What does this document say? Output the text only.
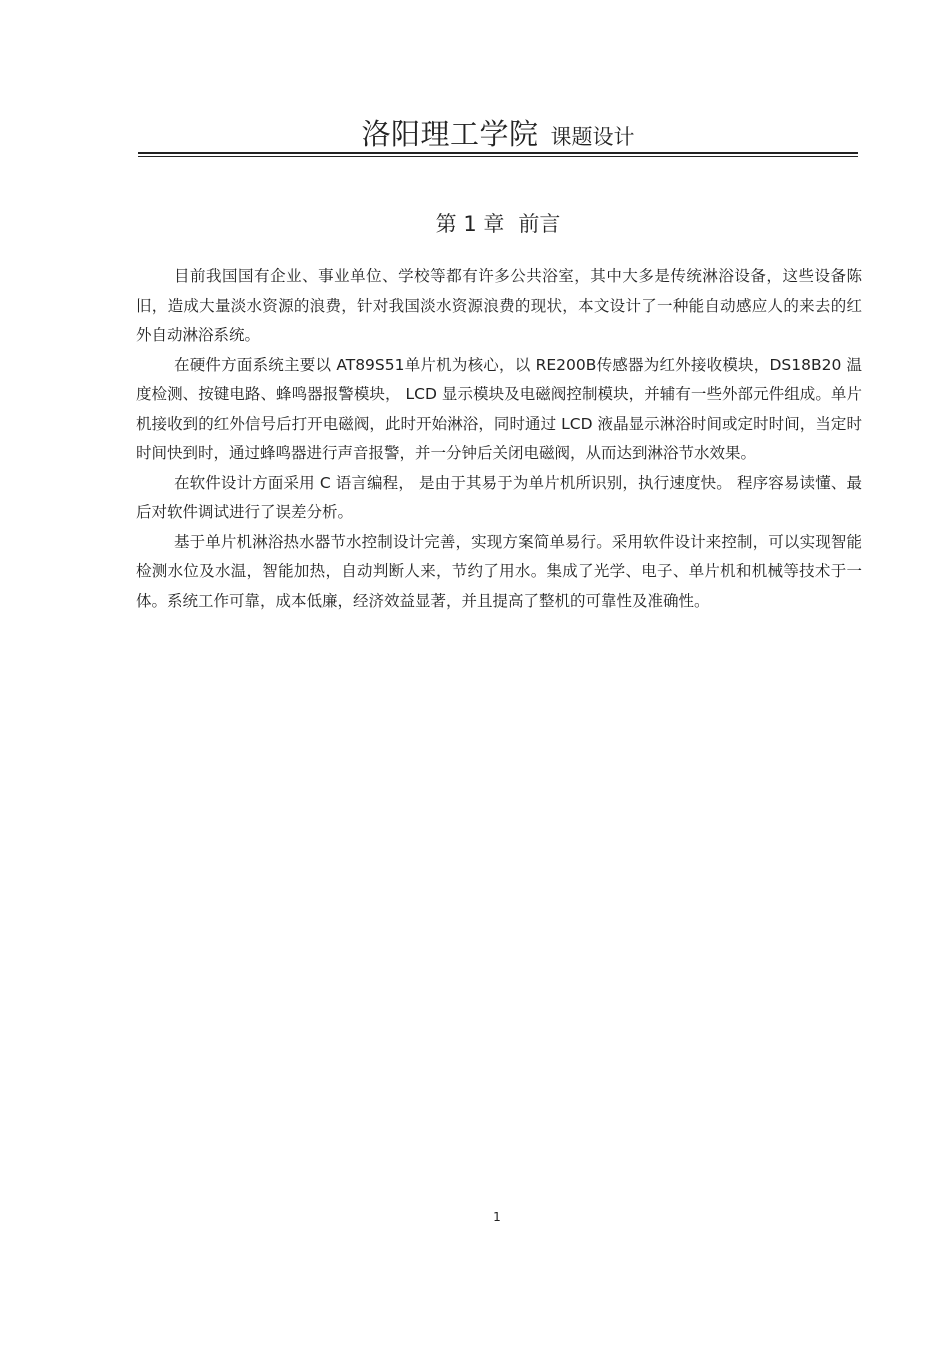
洛阳理工学院 课题设计
第 1 章 前言

目前我国国有企业、事业单位、学校等都有许多公共浴室，其中大多是传统淋浴设备，这些设备陈旧，造成大量淡水资源的浪费，针对我国淡水资源浪费的现状，本文设计了一种能自动感应人的来去的红外自动淋浴系统。

在硬件方面系统主要以 AT89S51单片机为核心，以 RE200B传感器为红外接收模块，DS18B20 温度检测、按键电路、蜂鸣器报警模块， LCD 显示模块及电磁阀控制模块，并辅有一些外部元件组成。单片机接收到的红外信号后打开电磁阀，此时开始淋浴，同时通过 LCD 液晶显示淋浴时间或定时时间，当定时时间快到时，通过蜂鸣器进行声音报警，并一分钟后关闭电磁阀，从而达到淋浴节水效果。

在软件设计方面采用 C 语言编程， 是由于其易于为单片机所识别，执行速度快。 程序容易读懂、最后对软件调试进行了误差分析。

基于单片机淋浴热水器节水控制设计完善，实现方案简单易行。采用软件设计来控制，可以实现智能检测水位及水温，智能加热，自动判断人来，节约了用水。集成了光学、电子、单片机和机械等技术于一体。系统工作可靠，成本低廉，经济效益显著，并且提高了整机的可靠性及准确性。

1
